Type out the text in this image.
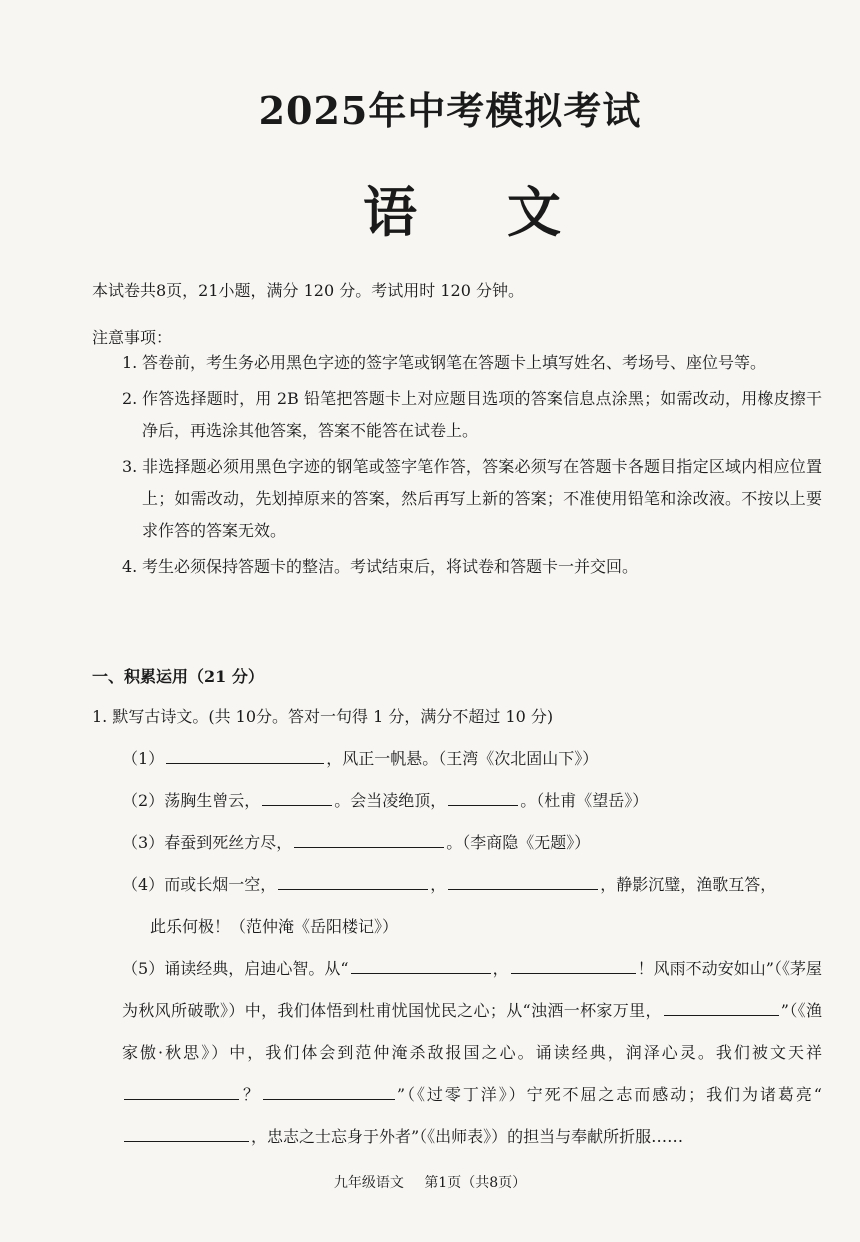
2025年中考模拟考试
语 文
本试卷共8页，21小题，满分 120 分。考试用时 120 分钟。
注意事项：
1. 答卷前，考生务必用黑色字迹的签字笔或钢笔在答题卡上填写姓名、考场号、座位号等。
2. 作答选择题时，用 2B 铅笔把答题卡上对应题目选项的答案信息点涂黑；如需改动，用橡皮擦干净后，再选涂其他答案，答案不能答在试卷上。
3. 非选择题必须用黑色字迹的钢笔或签字笔作答，答案必须写在答题卡各题目指定区域内相应位置上；如需改动，先划掉原来的答案，然后再写上新的答案；不准使用铅笔和涂改液。不按以上要求作答的答案无效。
4. 考生必须保持答题卡的整洁。考试结束后，将试卷和答题卡一并交回。
一、积累运用（21 分）
1. 默写古诗文。(共 10分。答对一句得 1 分，满分不超过 10 分)
（1）	，风正一帆悬。（王湾《次北固山下》）
（2）荡胸生曾云，	。会当凌绝顶，	。（杜甫《望岳》）
（3）春蚕到死丝方尽，	。（李商隐《无题》）
（4）而或长烟一空，	，	，静影沉璧，渔歌互答，
此乐何极！（范仲淹《岳阳楼记》）
（5）诵读经典，启迪心智。从“	，	！风雨不动安如山”（《茅屋为秋风所破歌》）中，我们体悟到杜甫忧国忧民之心；从“浊酒一杯家万里，	”（《渔家傲·秋思》）中，我们体会到范仲淹杀敌报国之心。诵读经典，润泽心灵。我们被文天祥？	”（《过零丁洋》）宁死不屈之志而感动；我们为诸葛亮“，忠志之士忘身于外者”（《出师表》）的担当与奉献所折服……
九年级语文 第1页（共8页）
